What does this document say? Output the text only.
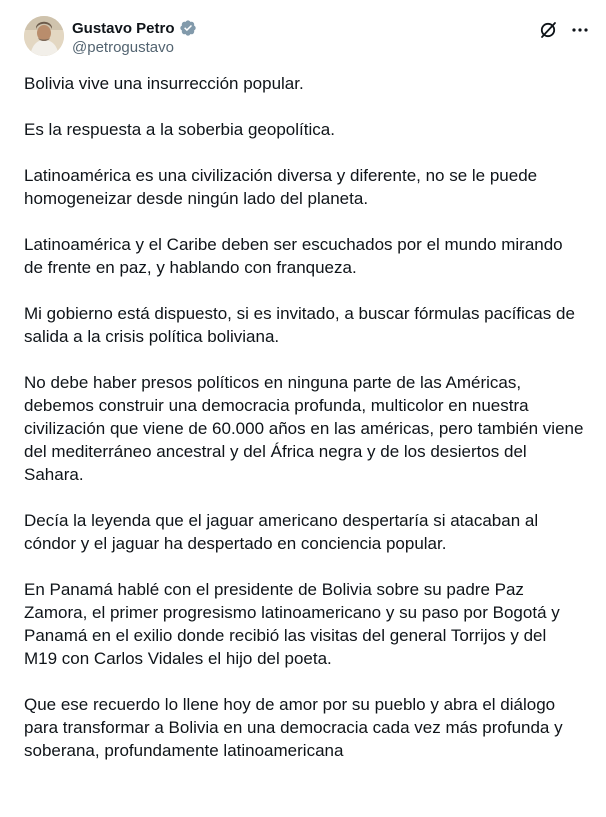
Gustavo Petro
@petrogustavo

Bolivia vive una insurrección popular.

Es la respuesta a la soberbia geopolítica.

Latinoamérica es una civilización diversa y diferente, no se le puede homogeneizar desde ningún lado del planeta.

Latinoamérica y el Caribe deben ser escuchados por el mundo mirando de frente en paz, y hablando con franqueza.

Mi gobierno está dispuesto, si es invitado, a buscar fórmulas pacíficas de salida a la crisis política boliviana.

No debe haber presos políticos en ninguna parte de las Américas, debemos construir una democracia profunda, multicolor en nuestra civilización que viene de 60.000 años en las américas, pero también viene del mediterráneo ancestral y del África negra y de los desiertos del Sahara.

Decía la leyenda que el jaguar americano despertaría si atacaban al cóndor y el jaguar ha despertado en conciencia popular.

En Panamá hablé con el presidente de Bolivia sobre su padre Paz Zamora, el primer progresismo latinoamericano y su paso por Bogotá y Panamá en el exilio donde recibió las visitas del general Torrijos y del M19 con Carlos Vidales el hijo del poeta.

Que ese recuerdo lo llene hoy de amor por su pueblo y abra el diálogo para transformar a Bolivia en una democracia cada vez más profunda y soberana, profundamente latinoamericana
